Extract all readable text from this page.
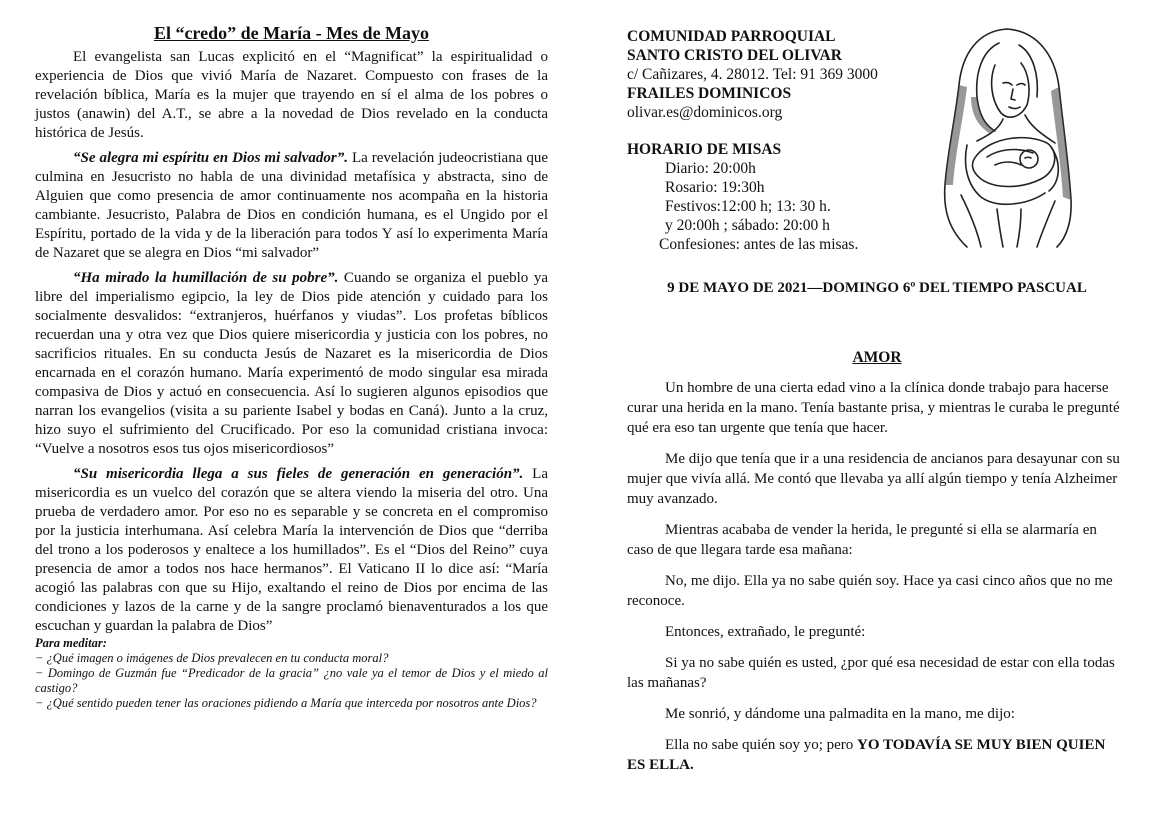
El “credo” de María - Mes de Mayo

El evangelista san Lucas explicitó en el “Magnificat” la espiritualidad o experiencia de Dios que vivió María de Nazaret. Compuesto con frases de la revelación bíblica, María es la mujer que trayendo en sí el alma de los pobres o justos (anawin) del A.T., se abre a la novedad de Dios revelado en la conducta histórica de Jesús.

“Se alegra mi espíritu en Dios mi salvador”. La revelación judeocristiana que culmina en Jesucristo no habla de una divinidad metafísica y abstracta, sino de Alguien que como presencia de amor continuamente nos acompaña en la historia cambiante. Jesucristo, Palabra de Dios en condición humana, es el Ungido por el Espíritu, portado de la vida y de la liberación para todos Y así lo experimenta María de Nazaret que se alegra en Dios “mi salvador”

“Ha mirado la humillación de su pobre”. Cuando se organiza el pueblo ya libre del imperialismo egipcio, la ley de Dios pide atención y cuidado para los socialmente desvalidos: “extranjeros, huérfanos y viudas”. Los profetas bíblicos recuerdan una y otra vez que Dios quiere misericordia y justicia con los pobres, no sacrificios rituales. En su conducta Jesús de Nazaret es la misericordia de Dios encarnada en el corazón humano. María experimentó de modo singular esa mirada compasiva de Dios y actuó en consecuencia. Así lo sugieren algunos episodios que narran los evangelios (visita a su pariente Isabel y bodas en Caná). Junto a la cruz, hizo suyo el sufrimiento del Crucificado. Por eso la comunidad cristiana invoca: “Vuelve a nosotros esos tus ojos misericordiosos”

“Su misericordia llega a sus fieles de generación en generación”. La misericordia es un vuelco del corazón que se altera viendo la miseria del otro. Una prueba de verdadero amor. Por eso no es separable y se concreta en el compromiso por la justicia interhumana. Así celebra María la intervención de Dios que “derriba del trono a los poderosos y enaltece a los humillados”. Es el “Dios del Reino” cuya presencia de amor a todos nos hace hermanos”. El Vaticano II lo dice así: “María acogió las palabras con que su Hijo, exaltando el reino de Dios por encima de las condiciones y lazos de la carne y de la sangre proclamó bienaventurados a los que escuchan y guardan la palabra de Dios”

Para meditar:
− ¿Qué imagen o imágenes de Dios prevalecen en tu conducta moral?
− Domingo de Guzmán fue “Predicador de la gracia” ¿no vale ya el temor de Dios y el miedo al castigo?
− ¿Qué sentido pueden tener las oraciones pidiendo a María que interceda por nosotros ante Dios?
COMUNIDAD PARROQUIAL
SANTO CRISTO DEL OLIVAR
c/ Cañizares, 4. 28012. Tel: 91 369 3000
FRAILES DOMINICOS
olivar.es@dominicos.org
HORARIO DE MISAS
Diario: 20:00h
Rosario: 19:30h
Festivos:12:00 h; 13: 30 h.
y 20:00h ; sábado: 20:00 h
Confesiones: antes de las misas.
9 DE MAYO DE 2021—DOMINGO 6º DEL TIEMPO PASCUAL
AMOR

Un hombre de una cierta edad vino a la clínica donde trabajo para hacerse curar una herida en la mano. Tenía bastante prisa, y mientras le curaba le pregunté qué era eso tan urgente que tenía que hacer.

Me dijo que tenía que ir a una residencia de ancianos para desayunar con su mujer que vivía allá. Me contó que llevaba ya allí algún tiempo y tenía Alzheimer muy avanzado.

Mientras acababa de vender la herida, le pregunté si ella se alarmaría en caso de que llegara tarde esa mañana:

No, me dijo. Ella ya no sabe quién soy. Hace ya casi cinco años que no me reconoce.

Entonces, extrañado, le pregunté:

Si ya no sabe quién es usted, ¿por qué esa necesidad de estar con ella todas las mañanas?

Me sonrió, y dándome una palmadita en la mano, me dijo:

Ella no sabe quién soy yo; pero YO TODAVÍA SE MUY BIEN QUIEN ES ELLA.
